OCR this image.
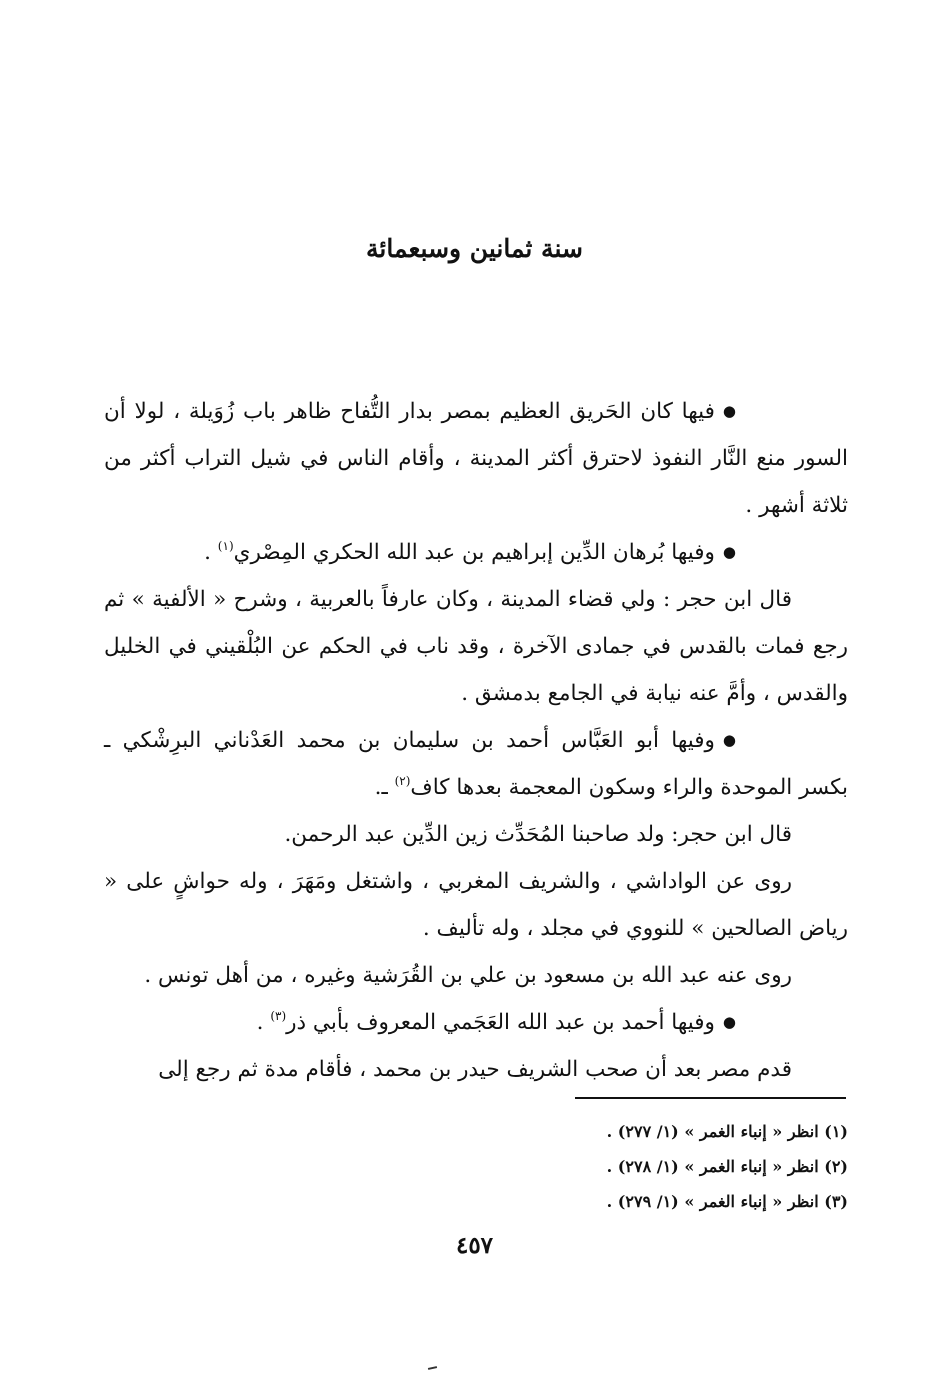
سنة ثمانين وسبعمائة

●فيها كان الحَريق العظيم بمصر بدار التُّفاح ظاهر باب زُوَيلة ، لولا أن السور منع النَّار النفوذ لاحترق أكثر المدينة ، وأقام الناس في شيل التراب أكثر من ثلاثة أشهر .

●وفيها بُرهان الدِّين إبراهيم بن عبد الله الحكري المِصْري$^{(١)}$ .

قال ابن حجر : ولي قضاء المدينة ، وكان عارفاً بالعربية ، وشرح « الألفية » ثم رجع فمات بالقدس في جمادى الآخرة ، وقد ناب في الحكم عن البُلْقيني في الخليل والقدس ، وأمَّ عنه نيابة في الجامع بدمشق .

●وفيها أبو العَبَّاس أحمد بن سليمان بن محمد العَدْناني البرِشْكي ـ بكسر الموحدة والراء وسكون المعجمة بعدها كاف$^{(٢)}$ ـ.

قال ابن حجر: ولد صاحبنا المُحَدِّث زين الدِّين عبد الرحمن.

روى عن الواداشي ، والشريف المغربي ، واشتغل ومَهَرَ ، وله حواشٍ على « رياض الصالحين » للنووي في مجلد ، وله تأليف .

روى عنه عبد الله بن مسعود بن علي بن القُرَشية وغيره ، من أهل تونس .

●وفيها أحمد بن عبد الله العَجَمي المعروف بأبي ذر$^{(٣)}$ .

قدم مصر بعد أن صحب الشريف حيدر بن محمد ، فأقام مدة ثم رجع إلى

(١) انظر « إنباء الغمر » (١/ ٢٧٧) .

(٢) انظر « إنباء الغمر » (١/ ٢٧٨) .

(٣) انظر « إنباء الغمر » (١/ ٢٧٩) .

٤٥٧
